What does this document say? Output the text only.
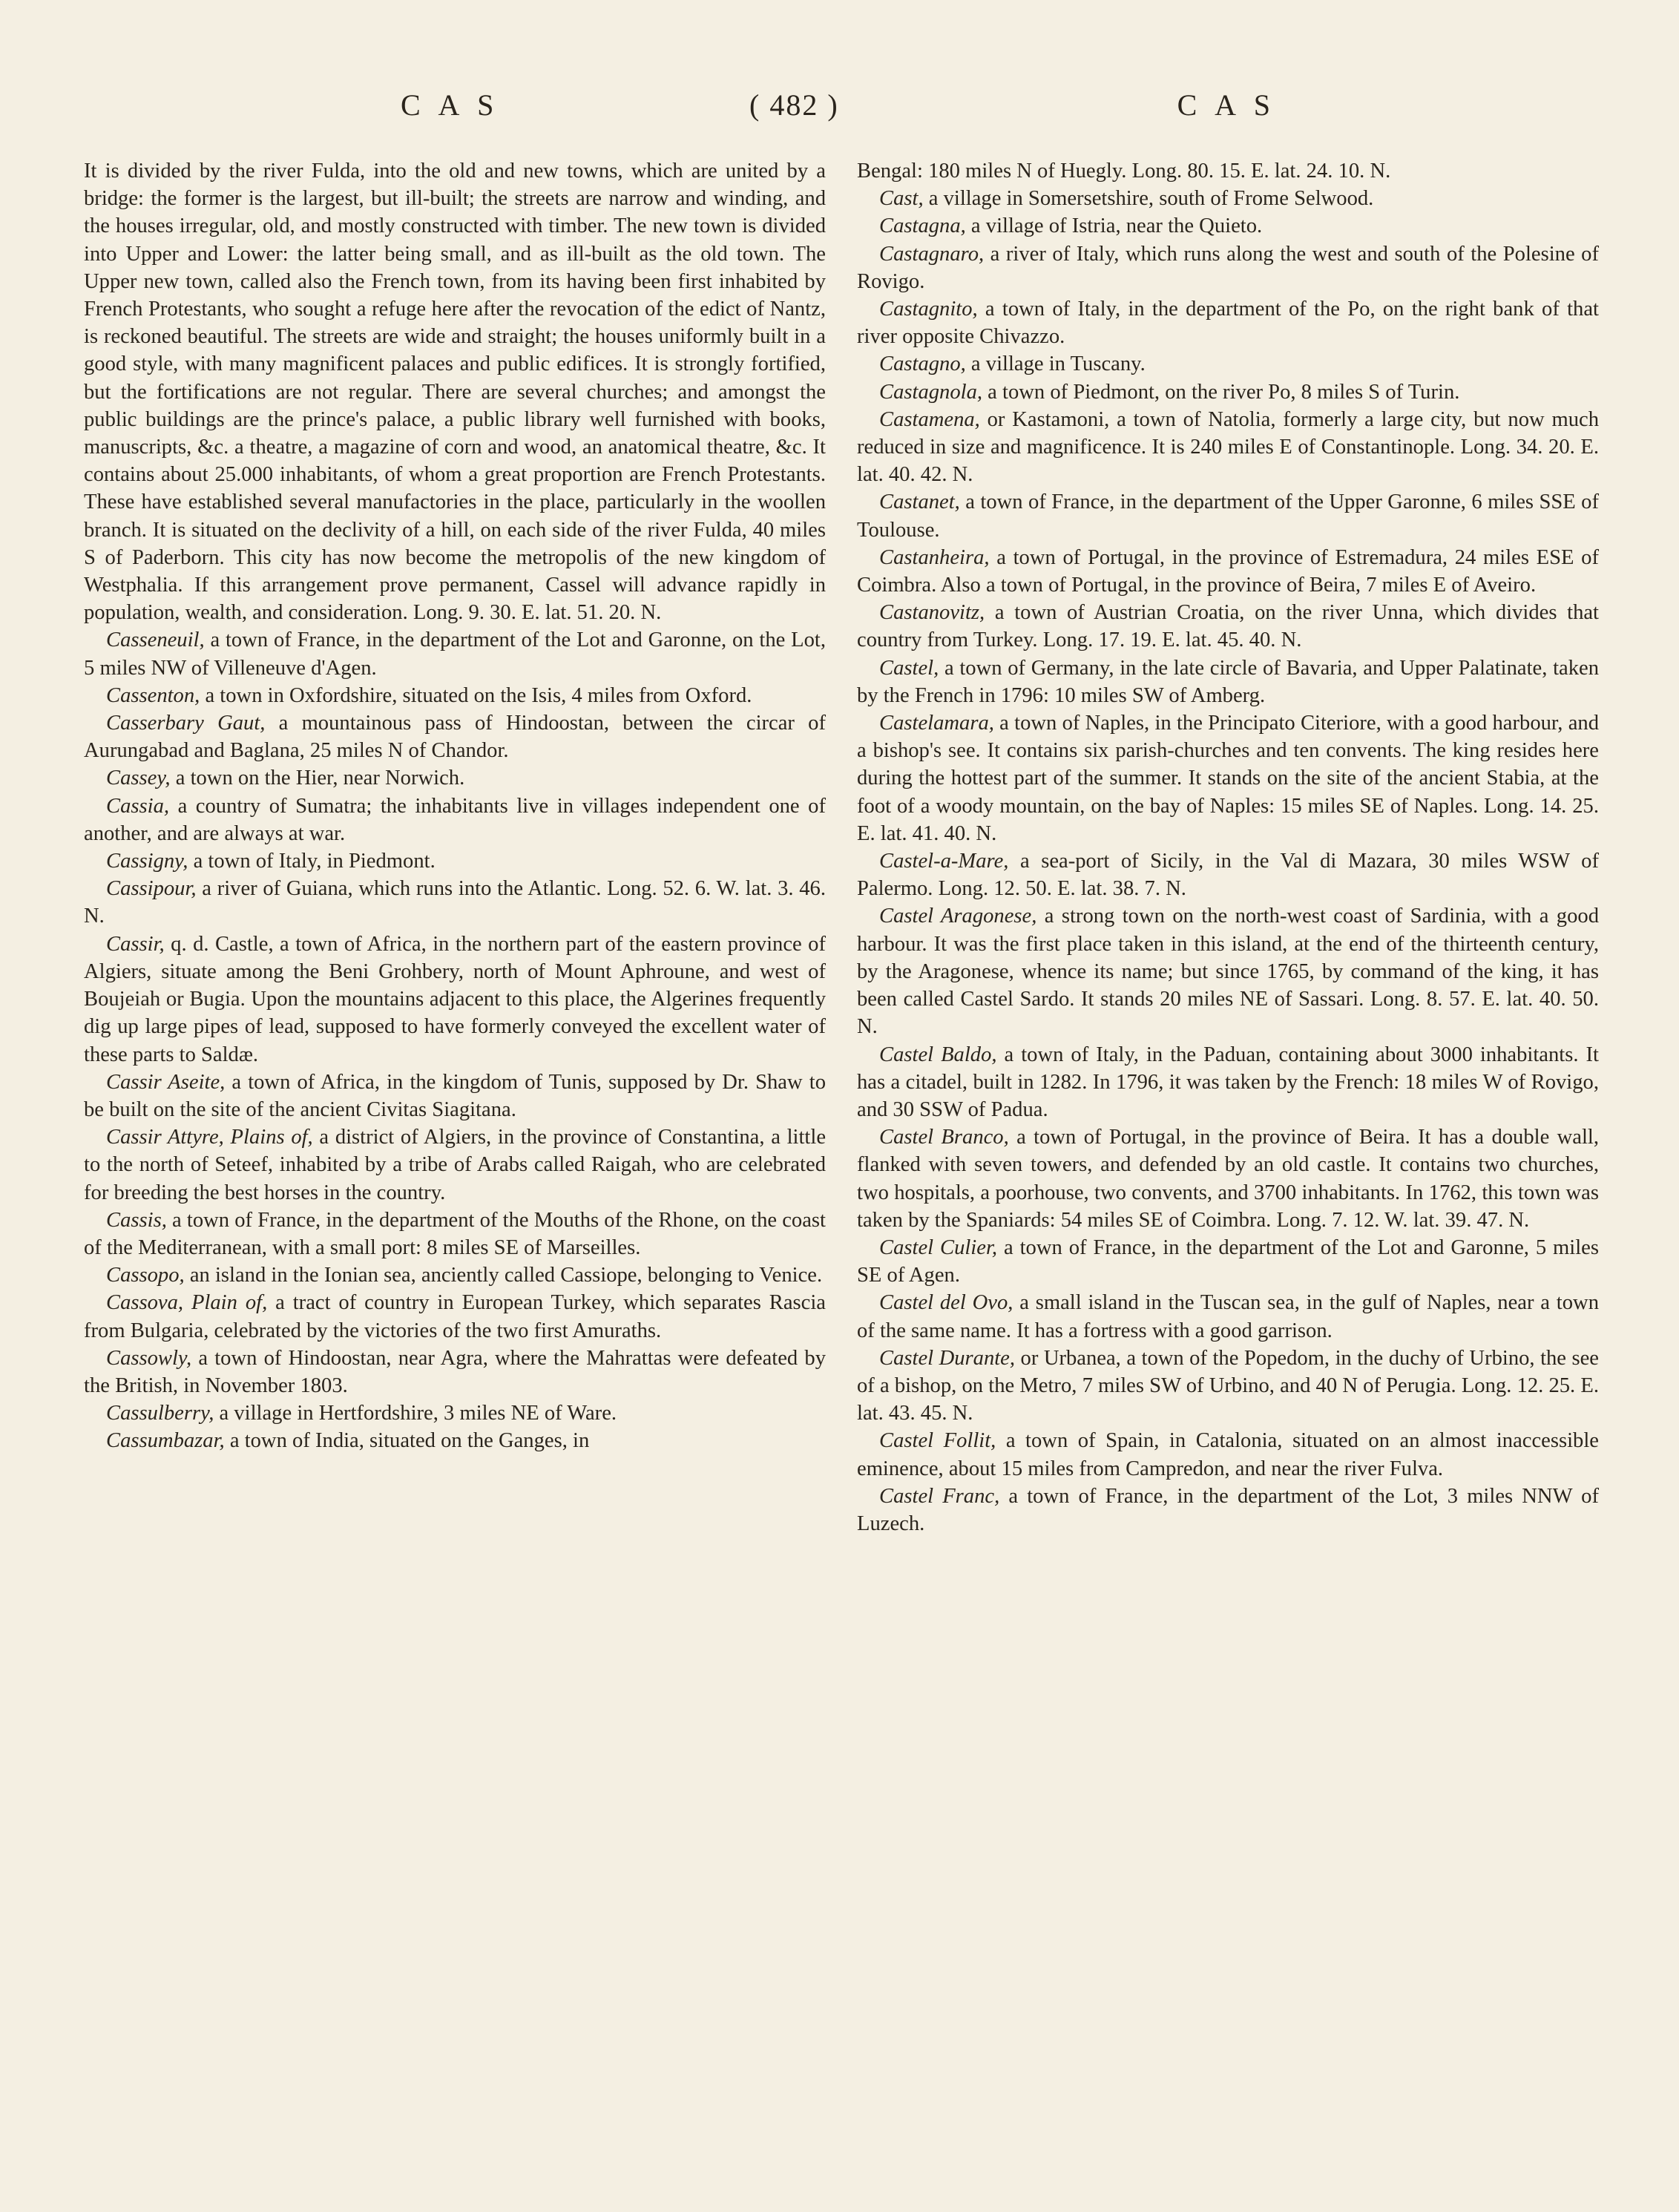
C A S	( 482 )	C A S

It is divided by the river Fulda, into the old and new towns, which are united by a bridge: the former is the largest, but ill-built; the streets are narrow and winding, and the houses irregular, old, and mostly constructed with timber. The new town is divided into Upper and Lower: the latter being small, and as ill-built as the old town. The Upper new town, called also the French town, from its having been first inhabited by French Protestants, who sought a refuge here after the revocation of the edict of Nantz, is reckoned beautiful. The streets are wide and straight; the houses uniformly built in a good style, with many magnificent palaces and public edifices. It is strongly fortified, but the fortifications are not regular. There are several churches; and amongst the public buildings are the prince's palace, a public library well furnished with books, manuscripts, &c. a theatre, a magazine of corn and wood, an anatomical theatre, &c. It contains about 25.000 inhabitants, of whom a great proportion are French Protestants. These have established several manufactories in the place, particularly in the woollen branch. It is situated on the declivity of a hill, on each side of the river Fulda, 40 miles S of Paderborn. This city has now become the metropolis of the new kingdom of Westphalia. If this arrangement prove permanent, Cassel will advance rapidly in population, wealth, and consideration. Long. 9. 30. E. lat. 51. 20. N.

Casseneuil, a town of France, in the department of the Lot and Garonne, on the Lot, 5 miles NW of Villeneuve d'Agen.

Cassenton, a town in Oxfordshire, situated on the Isis, 4 miles from Oxford.

Casserbary Gaut, a mountainous pass of Hindoostan, between the circar of Aurungabad and Baglana, 25 miles N of Chandor.

Cassey, a town on the Hier, near Norwich.

Cassia, a country of Sumatra; the inhabitants live in villages independent one of another, and are always at war.

Cassigny, a town of Italy, in Piedmont.

Cassipour, a river of Guiana, which runs into the Atlantic. Long. 52. 6. W. lat. 3. 46. N.

Cassir, q. d. Castle, a town of Africa, in the northern part of the eastern province of Algiers, situate among the Beni Grohbery, north of Mount Aphroune, and west of Boujeiah or Bugia. Upon the mountains adjacent to this place, the Algerines frequently dig up large pipes of lead, supposed to have formerly conveyed the excellent water of these parts to Saldæ.

Cassir Aseite, a town of Africa, in the kingdom of Tunis, supposed by Dr. Shaw to be built on the site of the ancient Civitas Siagitana.

Cassir Attyre, Plains of, a district of Algiers, in the province of Constantina, a little to the north of Seteef, inhabited by a tribe of Arabs called Raigah, who are celebrated for breeding the best horses in the country.

Cassis, a town of France, in the department of the Mouths of the Rhone, on the coast of the Mediterranean, with a small port: 8 miles SE of Marseilles.

Cassopo, an island in the Ionian sea, anciently called Cassiope, belonging to Venice.

Cassova, Plain of, a tract of country in European Turkey, which separates Rascia from Bulgaria, celebrated by the victories of the two first Amuraths.

Cassowly, a town of Hindoostan, near Agra, where the Mahrattas were defeated by the British, in November 1803.

Cassulberry, a village in Hertfordshire, 3 miles NE of Ware.

Cassumbazar, a town of India, situated on the Ganges, in

Bengal: 180 miles N of Huegly. Long. 80. 15. E. lat. 24. 10. N.

Cast, a village in Somersetshire, south of Frome Selwood.

Castagna, a village of Istria, near the Quieto.

Castagnaro, a river of Italy, which runs along the west and south of the Polesine of Rovigo.

Castagnito, a town of Italy, in the department of the Po, on the right bank of that river opposite Chivazzo.

Castagno, a village in Tuscany.

Castagnola, a town of Piedmont, on the river Po, 8 miles S of Turin.

Castamena, or Kastamoni, a town of Natolia, formerly a large city, but now much reduced in size and magnificence. It is 240 miles E of Constantinople. Long. 34. 20. E. lat. 40. 42. N.

Castanet, a town of France, in the department of the Upper Garonne, 6 miles SSE of Toulouse.

Castanheira, a town of Portugal, in the province of Estremadura, 24 miles ESE of Coimbra. Also a town of Portugal, in the province of Beira, 7 miles E of Aveiro.

Castanovitz, a town of Austrian Croatia, on the river Unna, which divides that country from Turkey. Long. 17. 19. E. lat. 45. 40. N.

Castel, a town of Germany, in the late circle of Bavaria, and Upper Palatinate, taken by the French in 1796: 10 miles SW of Amberg.

Castelamara, a town of Naples, in the Principato Citeriore, with a good harbour, and a bishop's see. It contains six parish-churches and ten convents. The king resides here during the hottest part of the summer. It stands on the site of the ancient Stabia, at the foot of a woody mountain, on the bay of Naples: 15 miles SE of Naples. Long. 14. 25. E. lat. 41. 40. N.

Castel-a-Mare, a sea-port of Sicily, in the Val di Mazara, 30 miles WSW of Palermo. Long. 12. 50. E. lat. 38. 7. N.

Castel Aragonese, a strong town on the north-west coast of Sardinia, with a good harbour. It was the first place taken in this island, at the end of the thirteenth century, by the Aragonese, whence its name; but since 1765, by command of the king, it has been called Castel Sardo. It stands 20 miles NE of Sassari. Long. 8. 57. E. lat. 40. 50. N.

Castel Baldo, a town of Italy, in the Paduan, containing about 3000 inhabitants. It has a citadel, built in 1282. In 1796, it was taken by the French: 18 miles W of Rovigo, and 30 SSW of Padua.

Castel Branco, a town of Portugal, in the province of Beira. It has a double wall, flanked with seven towers, and defended by an old castle. It contains two churches, two hospitals, a poorhouse, two convents, and 3700 inhabitants. In 1762, this town was taken by the Spaniards: 54 miles SE of Coimbra. Long. 7. 12. W. lat. 39. 47. N.

Castel Culier, a town of France, in the department of the Lot and Garonne, 5 miles SE of Agen.

Castel del Ovo, a small island in the Tuscan sea, in the gulf of Naples, near a town of the same name. It has a fortress with a good garrison.

Castel Durante, or Urbanea, a town of the Popedom, in the duchy of Urbino, the see of a bishop, on the Metro, 7 miles SW of Urbino, and 40 N of Perugia. Long. 12. 25. E. lat. 43. 45. N.

Castel Follit, a town of Spain, in Catalonia, situated on an almost inaccessible eminence, about 15 miles from Campredon, and near the river Fulva.

Castel Franc, a town of France, in the department of the Lot, 3 miles NNW of Luzech.
